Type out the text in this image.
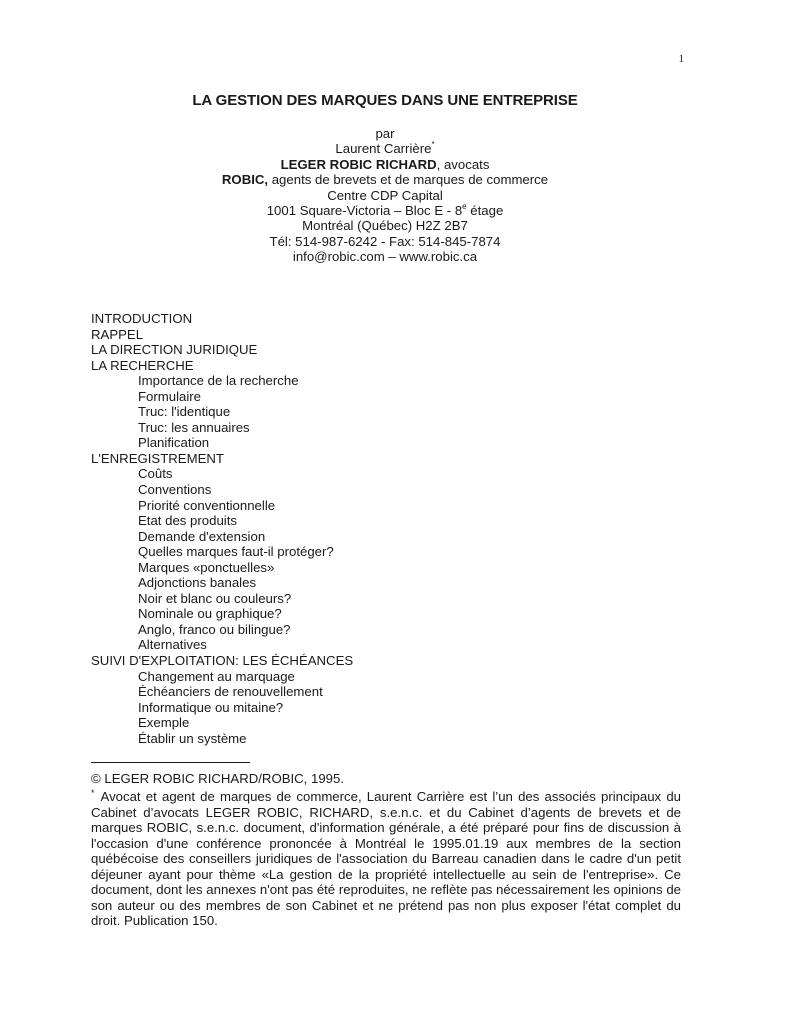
1
LA GESTION DES MARQUES DANS UNE ENTREPRISE
par
Laurent Carrière*
LEGER ROBIC RICHARD, avocats
ROBIC, agents de brevets et de marques de commerce
Centre CDP Capital
1001 Square-Victoria – Bloc E - 8e étage
Montréal (Québec) H2Z 2B7
Tél: 514-987-6242 - Fax: 514-845-7874
info@robic.com – www.robic.ca
INTRODUCTION
RAPPEL
LA DIRECTION JURIDIQUE
LA RECHERCHE
Importance de la recherche
Formulaire
Truc: l'identique
Truc: les annuaires
Planification
L'ENREGISTREMENT
Coûts
Conventions
Priorité conventionnelle
Etat des produits
Demande d'extension
Quelles marques faut-il protéger?
Marques «ponctuelles»
Adjonctions banales
Noir et blanc ou couleurs?
Nominale ou graphique?
Anglo, franco ou bilingue?
Alternatives
SUIVI D'EXPLOITATION: LES ÉCHÉANCES
Changement au marquage
Échéanciers de renouvellement
Informatique ou mitaine?
Exemple
Établir un système
© LEGER ROBIC RICHARD/ROBIC, 1995.
* Avocat et agent de marques de commerce, Laurent Carrière est l’un des associés principaux du Cabinet d’avocats LEGER ROBIC, RICHARD, s.e.n.c. et du Cabinet d’agents de brevets et de marques ROBIC, s.e.n.c. document, d'information générale, a été préparé pour fins de discussion à l'occasion d'une conférence prononcée à Montréal le 1995.01.19 aux membres de la section québécoise des conseillers juridiques de l'association du Barreau canadien dans le cadre d'un petit déjeuner ayant pour thème «La gestion de la propriété intellectuelle au sein de l'entreprise». Ce document, dont les annexes n'ont pas été reproduites, ne reflète pas nécessairement les opinions de son auteur ou des membres de son Cabinet et ne prétend pas non plus exposer l'état complet du droit. Publication 150.
